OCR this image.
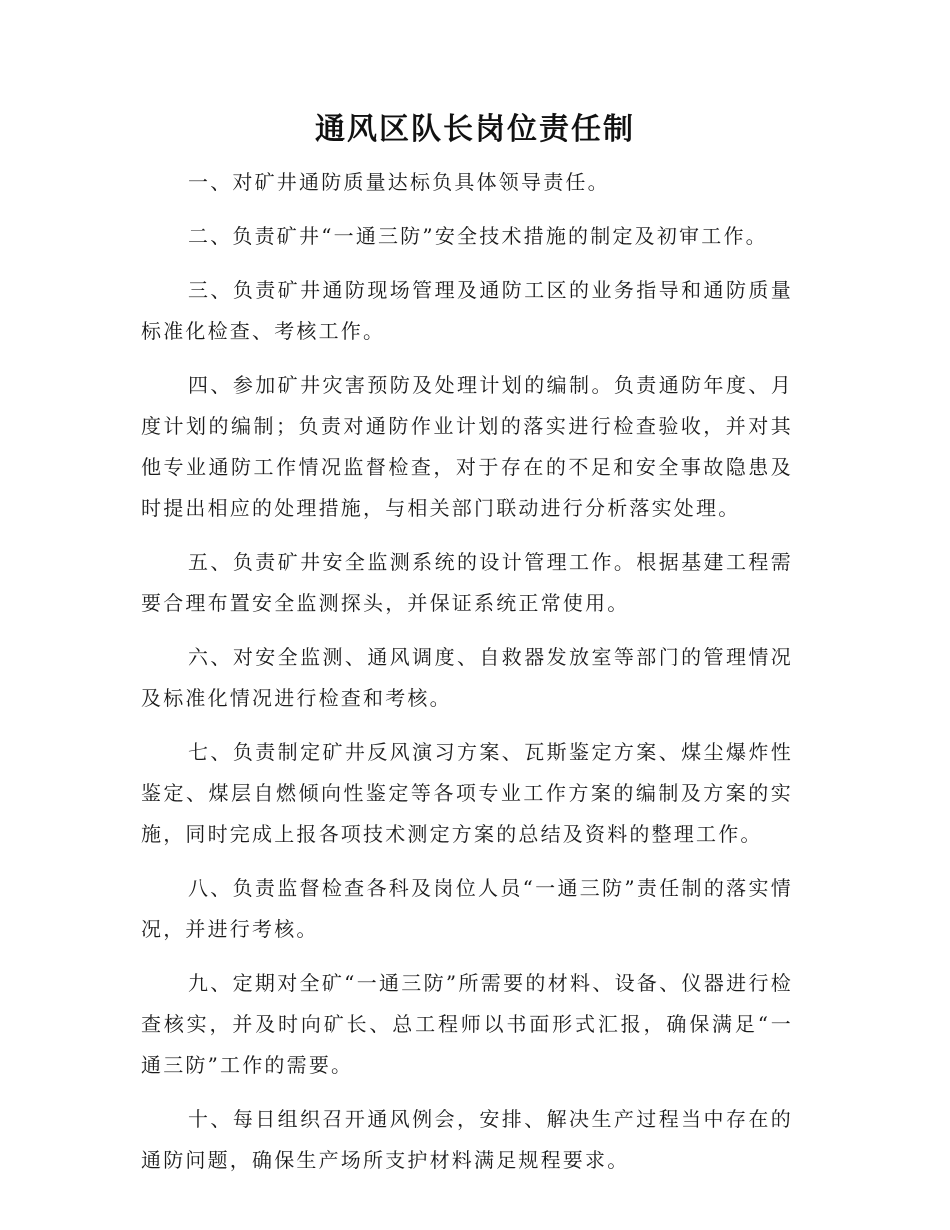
通风区队长岗位责任制

一、对矿井通防质量达标负具体领导责任。

二、负责矿井“一通三防”安全技术措施的制定及初审工作。

三、负责矿井通防现场管理及通防工区的业务指导和通防质量标准化检查、考核工作。

四、参加矿井灾害预防及处理计划的编制。负责通防年度、月度计划的编制；负责对通防作业计划的落实进行检查验收，并对其他专业通防工作情况监督检查，对于存在的不足和安全事故隐患及时提出相应的处理措施，与相关部门联动进行分析落实处理。

五、负责矿井安全监测系统的设计管理工作。根据基建工程需要合理布置安全监测探头，并保证系统正常使用。

六、对安全监测、通风调度、自救器发放室等部门的管理情况及标准化情况进行检查和考核。

七、负责制定矿井反风演习方案、瓦斯鉴定方案、煤尘爆炸性鉴定、煤层自燃倾向性鉴定等各项专业工作方案的编制及方案的实施，同时完成上报各项技术测定方案的总结及资料的整理工作。

八、负责监督检查各科及岗位人员“一通三防”责任制的落实情况，并进行考核。

九、定期对全矿“一通三防”所需要的材料、设备、仪器进行检查核实，并及时向矿长、总工程师以书面形式汇报，确保满足“一通三防”工作的需要。

十、每日组织召开通风例会，安排、解决生产过程当中存在的通防问题，确保生产场所支护材料满足规程要求。
